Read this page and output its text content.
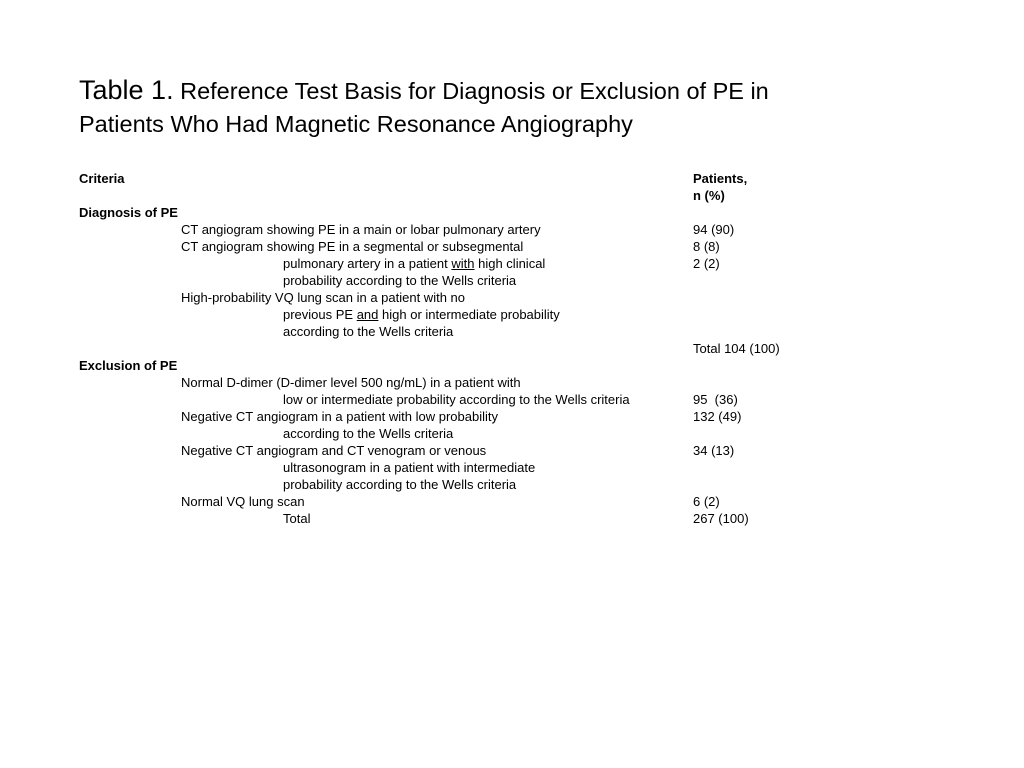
Table 1. Reference Test Basis for Diagnosis or Exclusion of PE in Patients Who Had Magnetic Resonance Angiography
Criteria	Patients,
n (%)
Diagnosis of PE
CT angiogram showing PE in a main or lobar pulmonary artery	94 (90)
CT angiogram showing PE in a segmental or subsegmental	8 (8)
pulmonary artery in a patient with high clinical	2 (2)
probability according to the Wells criteria
High-probability VQ lung scan in a patient with no
previous PE and high or intermediate probability
according to the Wells criteria
Total 104 (100)
Exclusion of PE
Normal D-dimer (D-dimer level 500 ng/mL) in a patient with
low or intermediate probability according to the Wells criteria	95  (36)
Negative CT angiogram in a patient with low probability	132 (49)
according to the Wells criteria
Negative CT angiogram and CT venogram or venous	34 (13)
ultrasonogram in a patient with intermediate
probability according to the Wells criteria
Normal VQ lung scan	6 (2)
Total	267 (100)
